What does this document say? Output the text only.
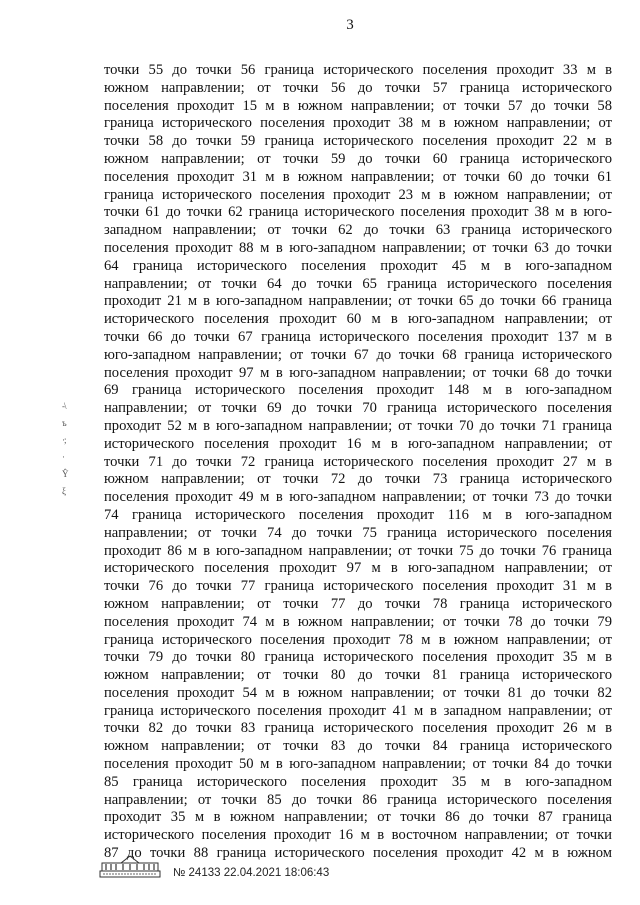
3
точки 55 до точки 56 граница исторического поселения проходит 33 м в
южном направлении; от точки 56 до точки 57 граница исторического
поселения проходит 15 м в южном направлении; от точки 57 до точки 58
граница исторического поселения проходит 38 м в южном направлении; от
точки 58 до точки 59 граница исторического поселения проходит 22 м в
южном направлении; от точки 59 до точки 60 граница исторического
поселения проходит 31 м в южном направлении; от точки 60 до точки 61
граница исторического поселения проходит 23 м в южном направлении; от
точки 61 до точки 62 граница исторического поселения проходит 38 м в юго-
западном направлении; от точки 62 до точки 63 граница исторического
поселения проходит 88 м в юго-западном направлении; от точки 63 до точки
64 граница исторического поселения проходит 45 м в юго-западном
направлении; от точки 64 до точки 65 граница исторического поселения
проходит 21 м в юго-западном направлении; от точки 65 до точки 66 граница
исторического поселения проходит 60 м в юго-западном направлении; от
точки 66 до точки 67 граница исторического поселения проходит 137 м в
юго-западном направлении; от точки 67 до точки 68 граница исторического
поселения проходит 97 м в юго-западном направлении; от точки 68 до точки
69 граница исторического поселения проходит 148 м в юго-западном
направлении; от точки 69 до точки 70 граница исторического поселения
проходит 52 м в юго-западном направлении; от точки 70 до точки 71 граница
исторического поселения проходит 16 м в юго-западном направлении; от
точки 71 до точки 72 граница исторического поселения проходит 27 м в
южном направлении; от точки 72 до точки 73 граница исторического
поселения проходит 49 м в юго-западном направлении; от точки 73 до точки
74 граница исторического поселения проходит 116 м в юго-западном
направлении; от точки 74 до точки 75 граница исторического поселения
проходит 86 м в юго-западном направлении; от точки 75 до точки 76 граница
исторического поселения проходит 97 м в юго-западном направлении; от
точки 76 до точки 77 граница исторического поселения проходит 31 м в
южном направлении; от точки 77 до точки 78 граница исторического
поселения проходит 74 м в южном направлении; от точки 78 до точки 79
граница исторического поселения проходит 78 м в южном направлении; от
точки 79 до точки 80 граница исторического поселения проходит 35 м в
южном направлении; от точки 80 до точки 81 граница исторического
поселения проходит 54 м в южном направлении; от точки 81 до точки 82
граница исторического поселения проходит 41 м в западном направлении; от
точки 82 до точки 83 граница исторического поселения проходит 26 м в
южном направлении; от точки 83 до точки 84 граница исторического
поселения проходит 50 м в юго-западном направлении; от точки 84 до точки
85 граница исторического поселения проходит 35 м в юго-западном
направлении; от точки 85 до точки 86 граница исторического поселения
проходит 35 м в южном направлении; от точки 86 до точки 87 граница
исторического поселения проходит 16 м в восточном направлении; от точки
87 до точки 88 граница исторического поселения проходит 42 м в южном
-\
ъ
·;
·
Ŷ
ξ
№ 24133 22.04.2021 18:06:43
